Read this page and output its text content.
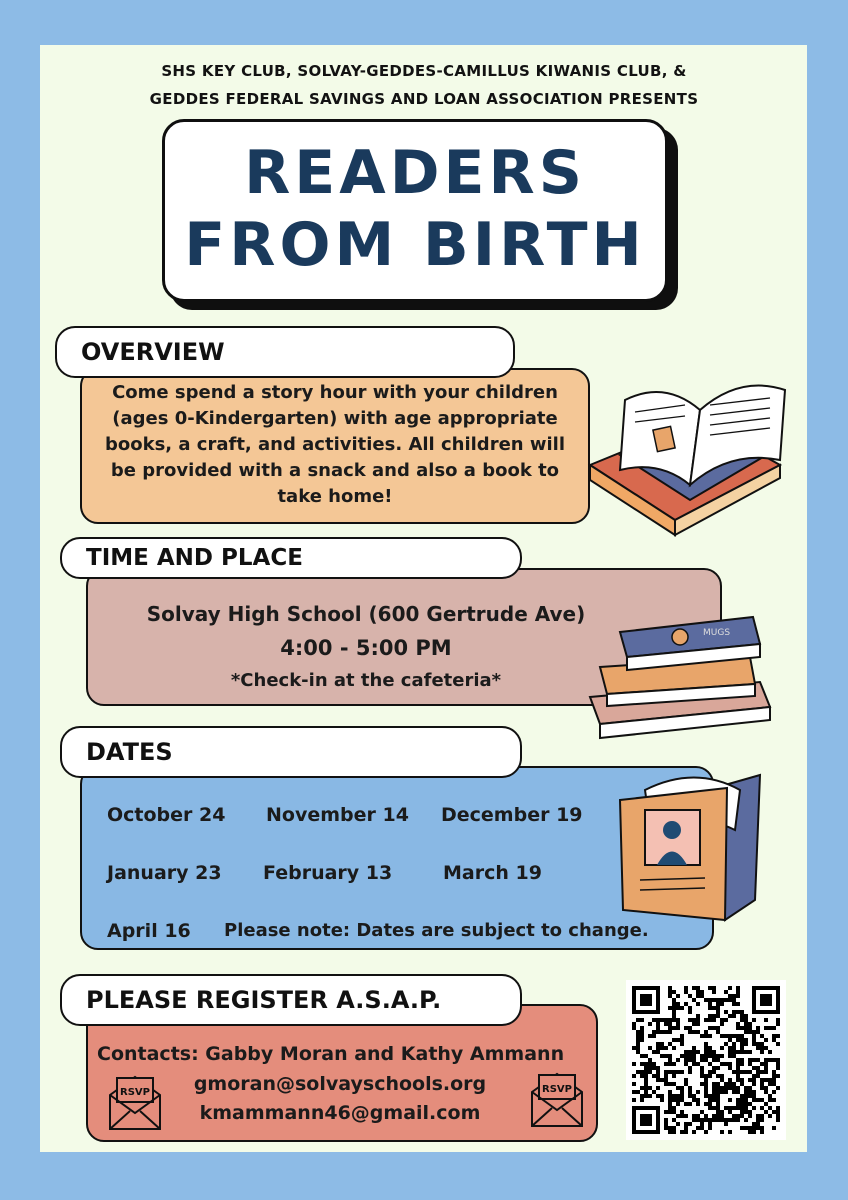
SHS KEY CLUB, SOLVAY-GEDDES-CAMILLUS KIWANIS CLUB, &
GEDDES FEDERAL SAVINGS AND LOAN ASSOCIATION PRESENTS
READERS
FROM BIRTH
OVERVIEW
Come spend a story hour with your children
(ages 0-Kindergarten) with age appropriate
books, a craft, and activities. All children will
be provided with a snack and also a book to
take home!
TIME AND PLACE
Solvay High School (600 Gertrude Ave)
4:00 - 5:00 PM
*Check-in at the cafeteria*
MUGS
DATES
October 24 November 14 December 19
January 23 February 13	March 19
April 16 Please note: Dates are subject to change.
PLEASE REGISTER A.S.A.P.
Contacts: Gabby Moran and Kathy Ammann
gmoran@solvayschools.org
kmammann46@gmail.com
RSVP	RSVP
